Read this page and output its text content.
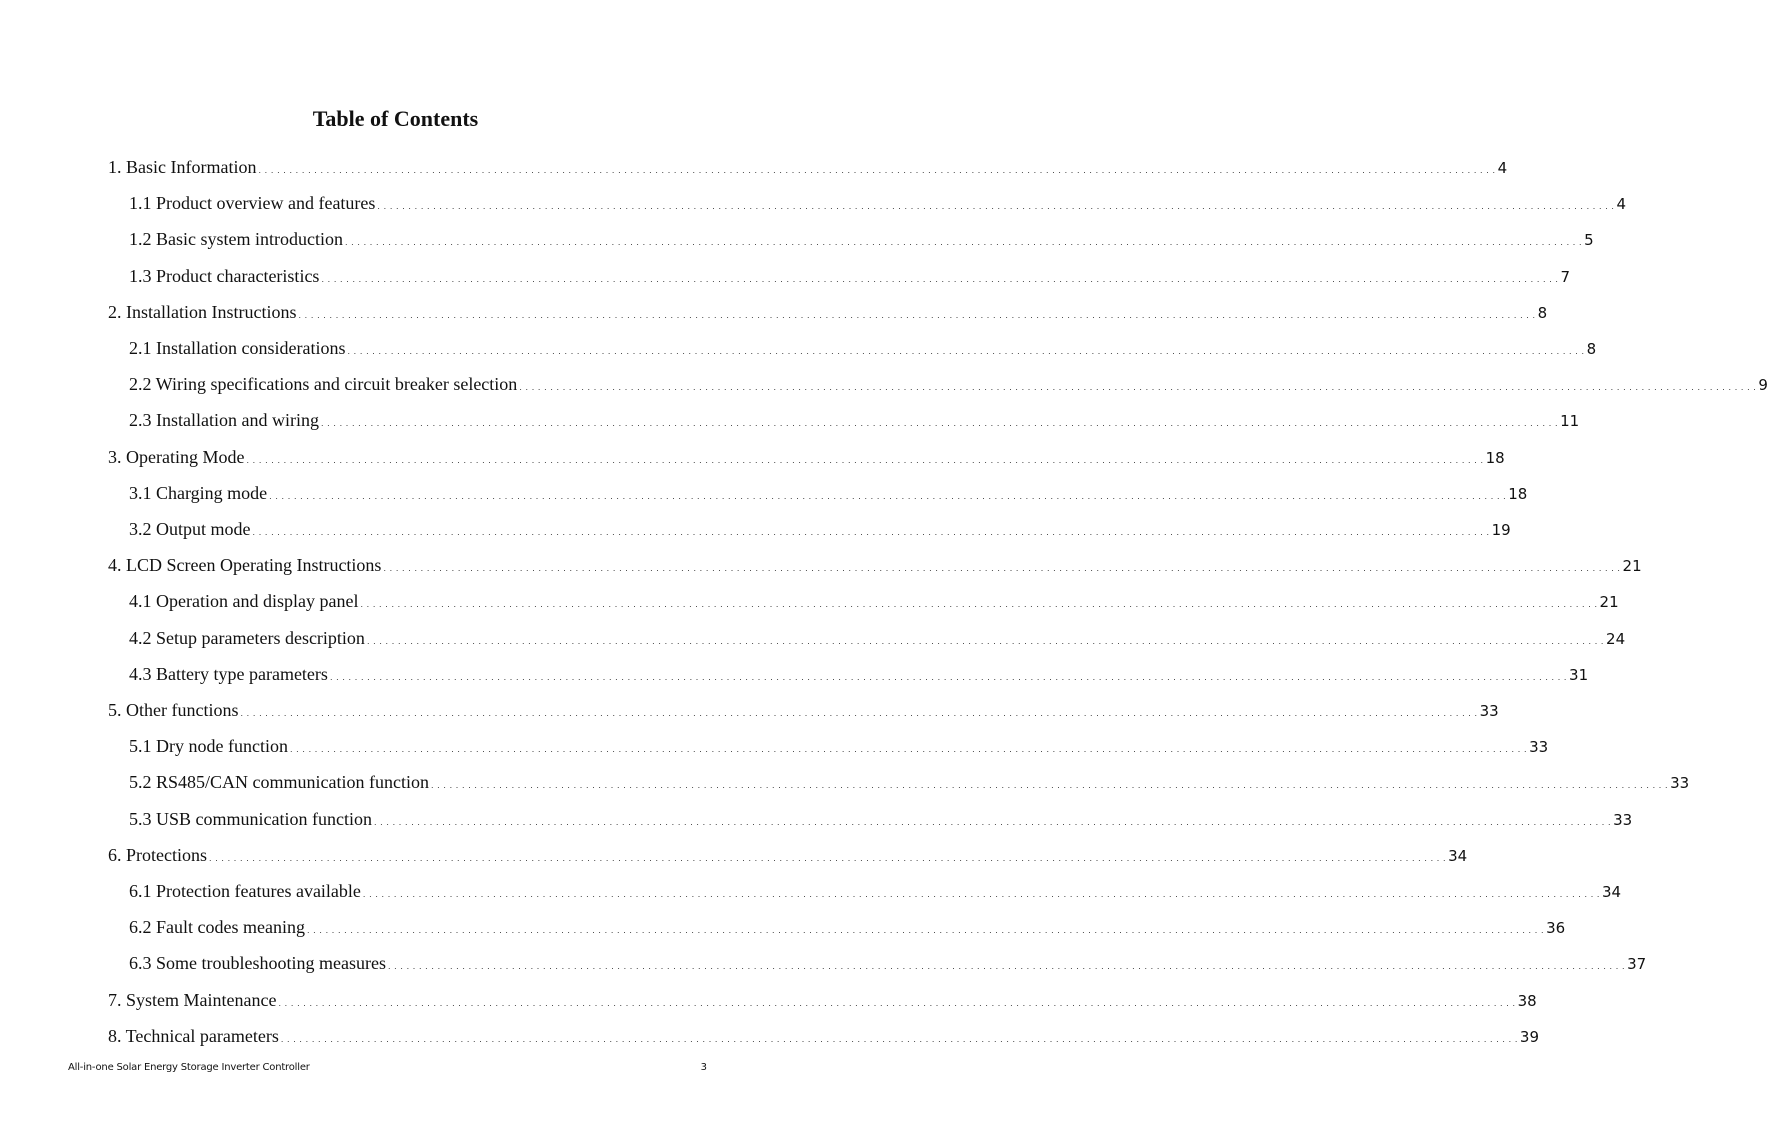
Table of Contents
1. Basic Information . . . . . . . . . . . . . . . . . . . . . . . . . . . . . . . . . . . . . . . . . . . . . . . . . . . . . . . . . . . . . . . . . . . . . . . . . . . . . . . . . . . . . . . . . . . . . . . . . . . . . . . . . . . . . . . . . . . . . . . . . . . . . . . . . . . . . . . . . . . . . . . . . . . . . . . . . . . . . . . . . . . . . . . . . . . . . . . . . . . . . . . . . . . . . . . . . . . . . . . . 4
1.1 Product overview and features . . . . . . . . . . . . . . . . . . . . . . . . . . . . . . . . . . . . . . . . . . . . . . . . . . . . . . . . . . . . . . . . . . . . . . . . . . . . . . . . . . . . . . . . . . . . . . . . . . . . . . . . . . . . . . . . . . . . . . . . . . . . . . . . . . . . . . . . . . . . . . . . . . . . . . . . . . . . . . . . . . . . . . . . . . . . . . . . . . . . . . . . . . . . . . . . . . . . . . . . 4
1.2 Basic system introduction . . . . . . . . . . . . . . . . . . . . . . . . . . . . . . . . . . . . . . . . . . . . . . . . . . . . . . . . . . . . . . . . . . . . . . . . . . . . . . . . . . . . . . . . . . . . . . . . . . . . . . . . . . . . . . . . . . . . . . . . . . . . . . . . . . . . . . . . . . . . . . . . . . . . . . . . . . . . . . . . . . . . . . . . . . . . . . . . . . . . . . . . . . . . . . . . . . . . . . . . 5
1.3 Product characteristics . . . . . . . . . . . . . . . . . . . . . . . . . . . . . . . . . . . . . . . . . . . . . . . . . . . . . . . . . . . . . . . . . . . . . . . . . . . . . . . . . . . . . . . . . . . . . . . . . . . . . . . . . . . . . . . . . . . . . . . . . . . . . . . . . . . . . . . . . . . . . . . . . . . . . . . . . . . . . . . . . . . . . . . . . . . . . . . . . . . . . . . . . . . . . . . . . . . . . . . . 7
2. Installation Instructions . . . . . . . . . . . . . . . . . . . . . . . . . . . . . . . . . . . . . . . . . . . . . . . . . . . . . . . . . . . . . . . . . . . . . . . . . . . . . . . . . . . . . . . . . . . . . . . . . . . . . . . . . . . . . . . . . . . . . . . . . . . . . . . . . . . . . . . . . . . . . . . . . . . . . . . . . . . . . . . . . . . . . . . . . . . . . . . . . . . . . . . . . . . . . . . . . . . . . . . . 8
2.1 Installation considerations . . . . . . . . . . . . . . . . . . . . . . . . . . . . . . . . . . . . . . . . . . . . . . . . . . . . . . . . . . . . . . . . . . . . . . . . . . . . . . . . . . . . . . . . . . . . . . . . . . . . . . . . . . . . . . . . . . . . . . . . . . . . . . . . . . . . . . . . . . . . . . . . . . . . . . . . . . . . . . . . . . . . . . . . . . . . . . . . . . . . . . . . . . . . . . . . . . . . . . . . 8
2.2 Wiring specifications and circuit breaker selection . . . . . . . . . . . . . . . . . . . . . . . . . . . . . . . . . . . . . . . . . . . . . . . . . . . . . . . . . . . . . . . . . . . . . . . . . . . . . . . . . . . . . . . . . . . . . . . . . . . . . . . . . . . . . . . . . . . . . . . . . . . . . . . . . . . . . . . . . . . . . . . . . . . . . . . . . . . . . . . . . . . . . . . . . . . . . . . . . . . . . . . . . . . . . . . . . . . . . . . . 9
2.3 Installation and wiring . . . . . . . . . . . . . . . . . . . . . . . . . . . . . . . . . . . . . . . . . . . . . . . . . . . . . . . . . . . . . . . . . . . . . . . . . . . . . . . . . . . . . . . . . . . . . . . . . . . . . . . . . . . . . . . . . . . . . . . . . . . . . . . . . . . . . . . . . . . . . . . . . . . . . . . . . . . . . . . . . . . . . . . . . . . . . . . . . . . . . . . . . . . . . . . . . . . . . . . . 11
3. Operating Mode . . . . . . . . . . . . . . . . . . . . . . . . . . . . . . . . . . . . . . . . . . . . . . . . . . . . . . . . . . . . . . . . . . . . . . . . . . . . . . . . . . . . . . . . . . . . . . . . . . . . . . . . . . . . . . . . . . . . . . . . . . . . . . . . . . . . . . . . . . . . . . . . . . . . . . . . . . . . . . . . . . . . . . . . . . . . . . . . . . . . . . . . . . . . . . . . . . . . . . . . 18
3.1 Charging mode . . . . . . . . . . . . . . . . . . . . . . . . . . . . . . . . . . . . . . . . . . . . . . . . . . . . . . . . . . . . . . . . . . . . . . . . . . . . . . . . . . . . . . . . . . . . . . . . . . . . . . . . . . . . . . . . . . . . . . . . . . . . . . . . . . . . . . . . . . . . . . . . . . . . . . . . . . . . . . . . . . . . . . . . . . . . . . . . . . . . . . . . . . . . . . . . . . . . . . . . 18
3.2 Output mode . . . . . . . . . . . . . . . . . . . . . . . . . . . . . . . . . . . . . . . . . . . . . . . . . . . . . . . . . . . . . . . . . . . . . . . . . . . . . . . . . . . . . . . . . . . . . . . . . . . . . . . . . . . . . . . . . . . . . . . . . . . . . . . . . . . . . . . . . . . . . . . . . . . . . . . . . . . . . . . . . . . . . . . . . . . . . . . . . . . . . . . . . . . . . . . . . . . . . . . . 19
4. LCD Screen Operating Instructions . . . . . . . . . . . . . . . . . . . . . . . . . . . . . . . . . . . . . . . . . . . . . . . . . . . . . . . . . . . . . . . . . . . . . . . . . . . . . . . . . . . . . . . . . . . . . . . . . . . . . . . . . . . . . . . . . . . . . . . . . . . . . . . . . . . . . . . . . . . . . . . . . . . . . . . . . . . . . . . . . . . . . . . . . . . . . . . . . . . . . . . . . . . . . . . . . . . . . . . . 21
4.1 Operation and display panel . . . . . . . . . . . . . . . . . . . . . . . . . . . . . . . . . . . . . . . . . . . . . . . . . . . . . . . . . . . . . . . . . . . . . . . . . . . . . . . . . . . . . . . . . . . . . . . . . . . . . . . . . . . . . . . . . . . . . . . . . . . . . . . . . . . . . . . . . . . . . . . . . . . . . . . . . . . . . . . . . . . . . . . . . . . . . . . . . . . . . . . . . . . . . . . . . . . . . . . . 21
4.2 Setup parameters description . . . . . . . . . . . . . . . . . . . . . . . . . . . . . . . . . . . . . . . . . . . . . . . . . . . . . . . . . . . . . . . . . . . . . . . . . . . . . . . . . . . . . . . . . . . . . . . . . . . . . . . . . . . . . . . . . . . . . . . . . . . . . . . . . . . . . . . . . . . . . . . . . . . . . . . . . . . . . . . . . . . . . . . . . . . . . . . . . . . . . . . . . . . . . . . . . . . . . . . . 24
4.3 Battery type parameters . . . . . . . . . . . . . . . . . . . . . . . . . . . . . . . . . . . . . . . . . . . . . . . . . . . . . . . . . . . . . . . . . . . . . . . . . . . . . . . . . . . . . . . . . . . . . . . . . . . . . . . . . . . . . . . . . . . . . . . . . . . . . . . . . . . . . . . . . . . . . . . . . . . . . . . . . . . . . . . . . . . . . . . . . . . . . . . . . . . . . . . . . . . . . . . . . . . . . . . . 31
5. Other functions . . . . . . . . . . . . . . . . . . . . . . . . . . . . . . . . . . . . . . . . . . . . . . . . . . . . . . . . . . . . . . . . . . . . . . . . . . . . . . . . . . . . . . . . . . . . . . . . . . . . . . . . . . . . . . . . . . . . . . . . . . . . . . . . . . . . . . . . . . . . . . . . . . . . . . . . . . . . . . . . . . . . . . . . . . . . . . . . . . . . . . . . . . . . . . . . . . . . . . . . 33
5.1 Dry node function . . . . . . . . . . . . . . . . . . . . . . . . . . . . . . . . . . . . . . . . . . . . . . . . . . . . . . . . . . . . . . . . . . . . . . . . . . . . . . . . . . . . . . . . . . . . . . . . . . . . . . . . . . . . . . . . . . . . . . . . . . . . . . . . . . . . . . . . . . . . . . . . . . . . . . . . . . . . . . . . . . . . . . . . . . . . . . . . . . . . . . . . . . . . . . . . . . . . . . . . 33
5.2 RS485/CAN communication function . . . . . . . . . . . . . . . . . . . . . . . . . . . . . . . . . . . . . . . . . . . . . . . . . . . . . . . . . . . . . . . . . . . . . . . . . . . . . . . . . . . . . . . . . . . . . . . . . . . . . . . . . . . . . . . . . . . . . . . . . . . . . . . . . . . . . . . . . . . . . . . . . . . . . . . . . . . . . . . . . . . . . . . . . . . . . . . . . . . . . . . . . . . . . . . . . . . . . . . . 33
5.3 USB communication function . . . . . . . . . . . . . . . . . . . . . . . . . . . . . . . . . . . . . . . . . . . . . . . . . . . . . . . . . . . . . . . . . . . . . . . . . . . . . . . . . . . . . . . . . . . . . . . . . . . . . . . . . . . . . . . . . . . . . . . . . . . . . . . . . . . . . . . . . . . . . . . . . . . . . . . . . . . . . . . . . . . . . . . . . . . . . . . . . . . . . . . . . . . . . . . . . . . . . . . . 33
6. Protections . . . . . . . . . . . . . . . . . . . . . . . . . . . . . . . . . . . . . . . . . . . . . . . . . . . . . . . . . . . . . . . . . . . . . . . . . . . . . . . . . . . . . . . . . . . . . . . . . . . . . . . . . . . . . . . . . . . . . . . . . . . . . . . . . . . . . . . . . . . . . . . . . . . . . . . . . . . . . . . . . . . . . . . . . . . . . . . . . . . . . . . . . . . . . . . . . . . . . . . . 34
6.1 Protection features available . . . . . . . . . . . . . . . . . . . . . . . . . . . . . . . . . . . . . . . . . . . . . . . . . . . . . . . . . . . . . . . . . . . . . . . . . . . . . . . . . . . . . . . . . . . . . . . . . . . . . . . . . . . . . . . . . . . . . . . . . . . . . . . . . . . . . . . . . . . . . . . . . . . . . . . . . . . . . . . . . . . . . . . . . . . . . . . . . . . . . . . . . . . . . . . . . . . . . . . . 34
6.2 Fault codes meaning . . . . . . . . . . . . . . . . . . . . . . . . . . . . . . . . . . . . . . . . . . . . . . . . . . . . . . . . . . . . . . . . . . . . . . . . . . . . . . . . . . . . . . . . . . . . . . . . . . . . . . . . . . . . . . . . . . . . . . . . . . . . . . . . . . . . . . . . . . . . . . . . . . . . . . . . . . . . . . . . . . . . . . . . . . . . . . . . . . . . . . . . . . . . . . . . . . . . . . . . 36
6.3 Some troubleshooting measures . . . . . . . . . . . . . . . . . . . . . . . . . . . . . . . . . . . . . . . . . . . . . . . . . . . . . . . . . . . . . . . . . . . . . . . . . . . . . . . . . . . . . . . . . . . . . . . . . . . . . . . . . . . . . . . . . . . . . . . . . . . . . . . . . . . . . . . . . . . . . . . . . . . . . . . . . . . . . . . . . . . . . . . . . . . . . . . . . . . . . . . . . . . . . . . . . . . . . . . . 37
7. System Maintenance . . . . . . . . . . . . . . . . . . . . . . . . . . . . . . . . . . . . . . . . . . . . . . . . . . . . . . . . . . . . . . . . . . . . . . . . . . . . . . . . . . . . . . . . . . . . . . . . . . . . . . . . . . . . . . . . . . . . . . . . . . . . . . . . . . . . . . . . . . . . . . . . . . . . . . . . . . . . . . . . . . . . . . . . . . . . . . . . . . . . . . . . . . . . . . . . . . . . . . . . 38
8. Technical parameters . . . . . . . . . . . . . . . . . . . . . . . . . . . . . . . . . . . . . . . . . . . . . . . . . . . . . . . . . . . . . . . . . . . . . . . . . . . . . . . . . . . . . . . . . . . . . . . . . . . . . . . . . . . . . . . . . . . . . . . . . . . . . . . . . . . . . . . . . . . . . . . . . . . . . . . . . . . . . . . . . . . . . . . . . . . . . . . . . . . . . . . . . . . . . . . . . . . . . . . . 39
All-in-one Solar Energy Storage Inverter Controller	3
